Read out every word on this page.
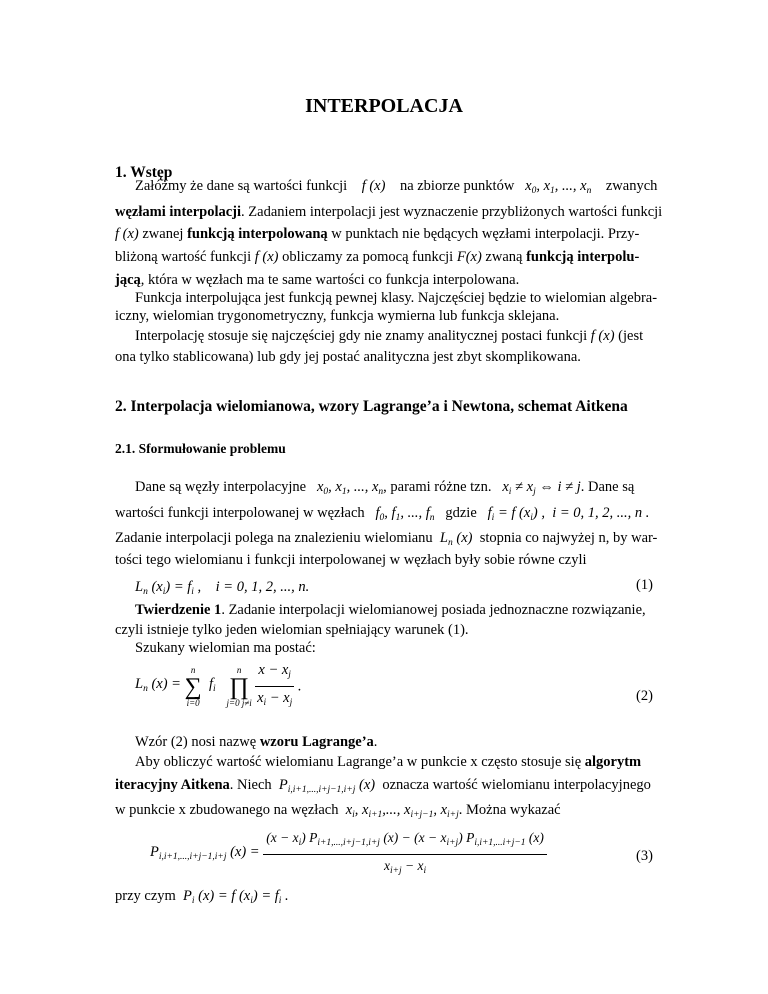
INTERPOLACJA
1. Wstęp
Załóżmy że dane są wartości funkcji f (x) na zbiorze punktów $x_0$, $x_1$, ..., $x_n$ zwanych
węzłami interpolacji. Zadaniem interpolacji jest wyznaczenie przybliżonych wartości funkcji
f (x) zwanej funkcją interpolowaną w punktach nie będących węzłami interpolacji. Przy-
bliżoną wartość funkcji f (x) obliczamy za pomocą funkcji F(x) zwaną funkcją interpolu-
jącą, która w węzłach ma te same wartości co funkcja interpolowana.
Funkcja interpolująca jest funkcją pewnej klasy. Najczęściej będzie to wielomian algebra-
iczny, wielomian trygonometryczny, funkcja wymierna lub funkcja sklejana.
Interpolację stosuje się najczęściej gdy nie znamy analitycznej postaci funkcji f (x) (jest
ona tylko stablicowana) lub gdy jej postać analityczna jest zbyt skomplikowana.
2. Interpolacja wielomianowa, wzory Lagrange’a i Newtona, schemat Aitkena
2.1. Sformułowanie problemu
Dane są węzły interpolacyjne $x_0$, $x_1$, ..., $x_n$, parami różne tzn. $x_i \ne x_j$ ⇔ i ≠ j. Dane są
wartości funkcji interpolowanej w węzłach $f_0$, $f_1$, ..., $f_n$ gdzie $f_i = f$ $(x_i)$ ,  i = 0, 1, 2, ..., n .
Zadanie interpolacji polega na znalezieniu wielomianu $L_n$ (x) stopnia co najwyżej n, by war-
tości tego wielomianu i funkcji interpolowanej w węzłach były sobie równe czyli
$L_n$ $(x_i) = f_i$ , i = 0, 1, 2, ..., n.	(1)
Twierdzenie 1. Zadanie interpolacji wielomianowej posiada jednoznaczne rozwiązanie,
czyli istnieje tylko jeden wielomian spełniający warunek (1).
Szukany wielomian ma postać:
$L_n$ (x) =
n
∑
i=0
$f_i$
n
∏
j=0 j≠i
$\frac{x - x_j}{x_i - x_j}$ .
(2)
Wzór (2) nosi nazwę wzoru Lagrange’a.
Aby obliczyć wartość wielomianu Lagrange’a w punkcie x często stosuje się algorytm
iteracyjny Aitkena. Niech $P_{i,i+1,...,i+j-1,i+j}$ (x) oznacza wartość wielomianu interpolacyjnego
w punkcie x zbudowanego na węzłach $x_i$, $x_{i+1}$,..., $x_{i+j-1}$, $x_{i+j}$. Można wykazać
$P_{i,i+1,...,i+j-1,i+j}$ (x) =
$(x - x_i)$ $P_{i+1,...,i+j-1,i+j}$ $(x) - (x - x_{i+j})$ $P_{i,i+1,...i+j-1}$ (x)
$x_{i+j} - x_i$
(3)
przy czym $P_i$ (x) = f $(x_i) = f_i$ .
